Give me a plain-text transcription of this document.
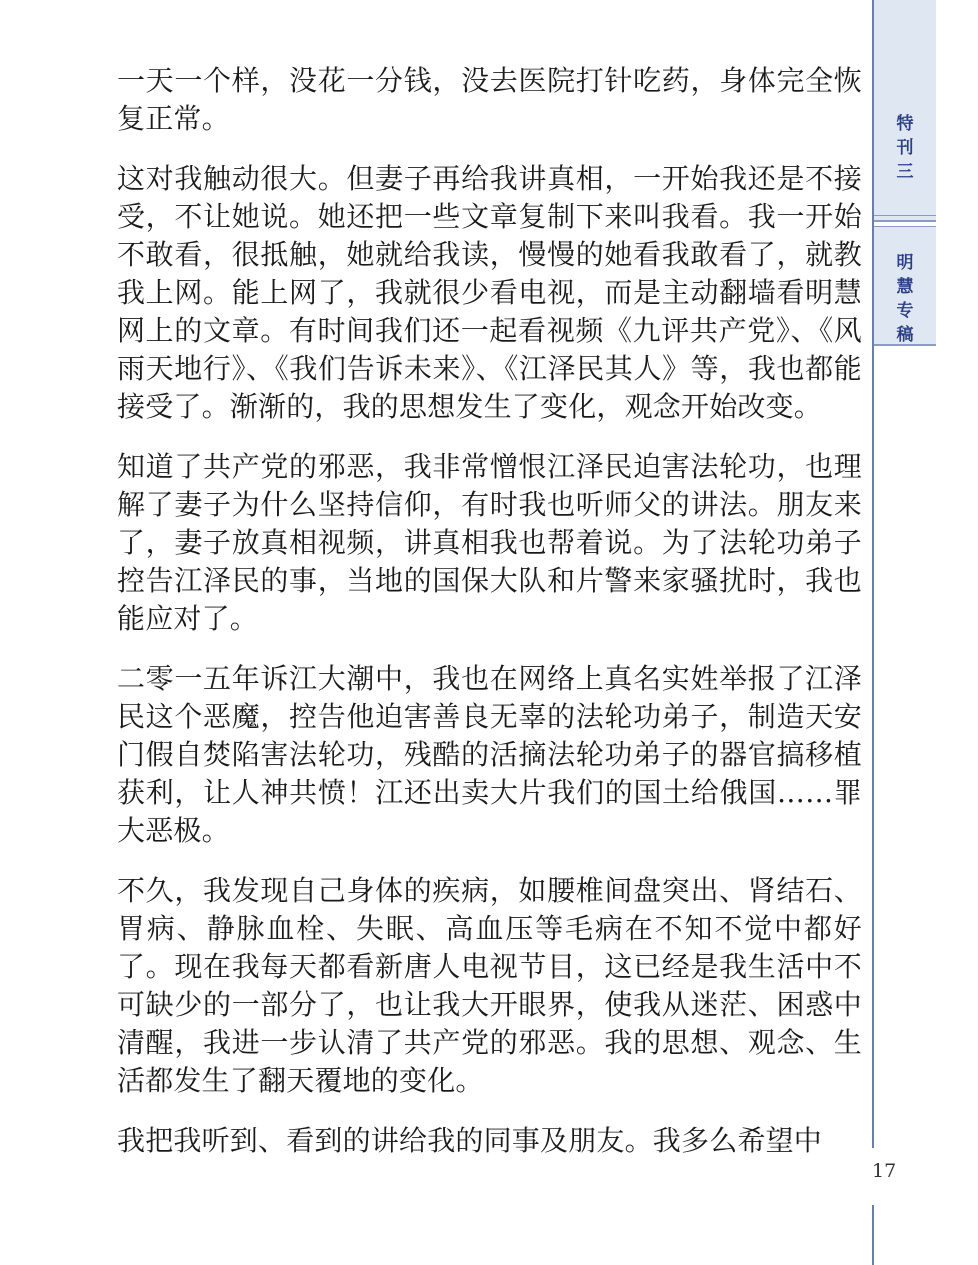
一天一个样，没花一分钱，没去医院打针吃药，身体完全恢复正常。

这对我触动很大。但妻子再给我讲真相，一开始我还是不接受，不让她说。她还把一些文章复制下来叫我看。我一开始不敢看，很抵触，她就给我读，慢慢的她看我敢看了，就教我上网。能上网了，我就很少看电视，而是主动翻墙看明慧网上的文章。有时间我们还一起看视频《九评共产党》、《风雨天地行》、《我们告诉未来》、《江泽民其人》等，我也都能接受了。渐渐的，我的思想发生了变化，观念开始改变。

知道了共产党的邪恶，我非常憎恨江泽民迫害法轮功，也理解了妻子为什么坚持信仰，有时我也听师父的讲法。朋友来了，妻子放真相视频，讲真相我也帮着说。为了法轮功弟子控告江泽民的事，当地的国保大队和片警来家骚扰时，我也能应对了。

二零一五年诉江大潮中，我也在网络上真名实姓举报了江泽民这个恶魔，控告他迫害善良无辜的法轮功弟子，制造天安门假自焚陷害法轮功，残酷的活摘法轮功弟子的器官搞移植获利，让人神共愤！江还出卖大片我们的国土给俄国……罪大恶极。

不久，我发现自己身体的疾病，如腰椎间盘突出、肾结石、胃病、静脉血栓、失眠、高血压等毛病在不知不觉中都好了。现在我每天都看新唐人电视节目，这已经是我生活中不可缺少的一部分了，也让我大开眼界，使我从迷茫、困惑中清醒，我进一步认清了共产党的邪恶。我的思想、观念、生活都发生了翻天覆地的变化。

我把我听到、看到的讲给我的同事及朋友。我多么希望中

特
刊
三
明
慧
专
稿
17
